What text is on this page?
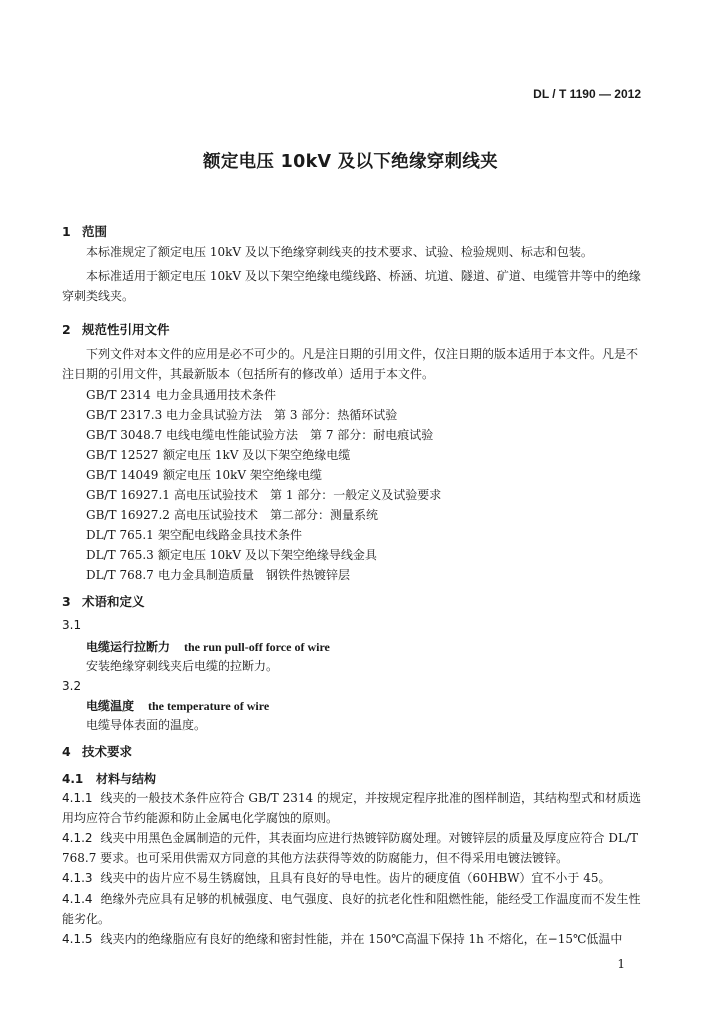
DL / T 1190 — 2012
额定电压 10kV 及以下绝缘穿刺线夹
1 范围
本标准规定了额定电压 10kV 及以下绝缘穿刺线夹的技术要求、试验、检验规则、标志和包装。
本标准适用于额定电压 10kV 及以下架空绝缘电缆线路、桥涵、坑道、隧道、矿道、电缆管井等中的绝缘穿刺类线夹。
2 规范性引用文件
下列文件对本文件的应用是必不可少的。凡是注日期的引用文件，仅注日期的版本适用于本文件。凡是不注日期的引用文件，其最新版本（包括所有的修改单）适用于本文件。
GB/T 2314 电力金具通用技术条件
GB/T 2317.3 电力金具试验方法　第 3 部分：热循环试验
GB/T 3048.7 电线电缆电性能试验方法　第 7 部分：耐电痕试验
GB/T 12527 额定电压 1kV 及以下架空绝缘电缆
GB/T 14049 额定电压 10kV 架空绝缘电缆
GB/T 16927.1 高电压试验技术　第 1 部分：一般定义及试验要求
GB/T 16927.2 高电压试验技术　第二部分：测量系统
DL/T 765.1 架空配电线路金具技术条件
DL/T 765.3 额定电压 10kV 及以下架空绝缘导线金具
DL/T 768.7 电力金具制造质量　钢铁件热镀锌层
3 术语和定义
3.1
电缆运行拉断力 the run pull-off force of wire
安装绝缘穿刺线夹后电缆的拉断力。
3.2
电缆温度 the temperature of wire
电缆导体表面的温度。
4 技术要求
4.1 材料与结构
4.1.1 线夹的一般技术条件应符合 GB/T 2314 的规定，并按规定程序批准的图样制造，其结构型式和材质选用均应符合节约能源和防止金属电化学腐蚀的原则。
4.1.2 线夹中用黑色金属制造的元件，其表面均应进行热镀锌防腐处理。对镀锌层的质量及厚度应符合 DL/T 768.7 要求。也可采用供需双方同意的其他方法获得等效的防腐能力，但不得采用电镀法镀锌。
4.1.3 线夹中的齿片应不易生锈腐蚀，且具有良好的导电性。齿片的硬度值（60HBW）宜不小于 45。
4.1.4 绝缘外壳应具有足够的机械强度、电气强度、良好的抗老化性和阻燃性能，能经受工作温度而不发生性能劣化。
4.1.5 线夹内的绝缘脂应有良好的绝缘和密封性能，并在 150℃高温下保持 1h 不熔化，在−15℃低温中
1
